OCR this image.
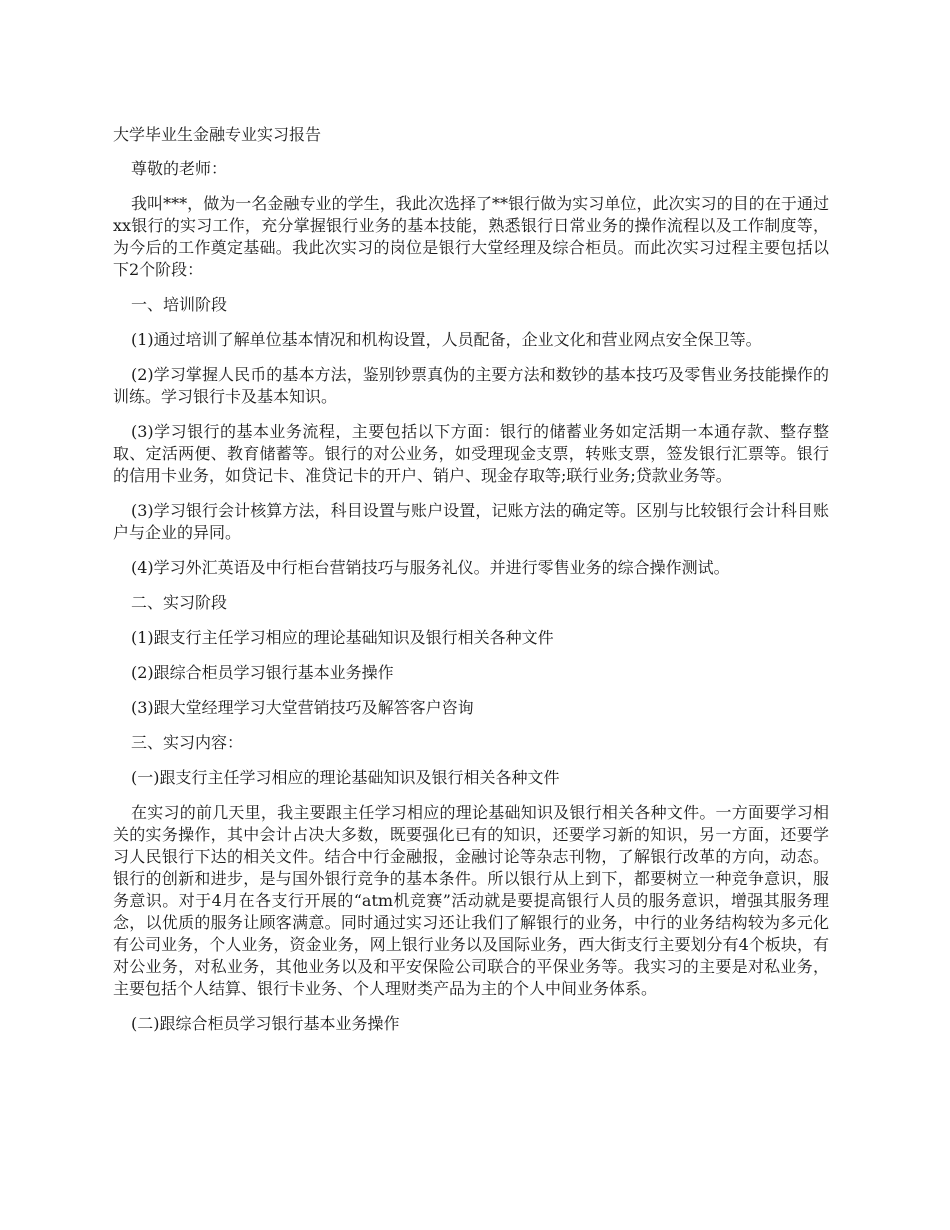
大学毕业生金融专业实习报告

尊敬的老师：

我叫***，做为一名金融专业的学生，我此次选择了**银行做为实习单位，此次实习的目的在于通过xx银行的实习工作，充分掌握银行业务的基本技能，熟悉银行日常业务的操作流程以及工作制度等，为今后的工作奠定基础。我此次实习的岗位是银行大堂经理及综合柜员。而此次实习过程主要包括以下2个阶段：

一、培训阶段

(1)通过培训了解单位基本情况和机构设置，人员配备，企业文化和营业网点安全保卫等。

(2)学习掌握人民币的基本方法，鉴别钞票真伪的主要方法和数钞的基本技巧及零售业务技能操作的训练。学习银行卡及基本知识。

(3)学习银行的基本业务流程，主要包括以下方面：银行的储蓄业务如定活期一本通存款、整存整取、定活两便、教育储蓄等。银行的对公业务，如受理现金支票，转账支票，签发银行汇票等。银行的信用卡业务，如贷记卡、准贷记卡的开户、销户、现金存取等;联行业务;贷款业务等。

(3)学习银行会计核算方法，科目设置与账户设置，记账方法的确定等。区别与比较银行会计科目账户与企业的异同。

(4)学习外汇英语及中行柜台营销技巧与服务礼仪。并进行零售业务的综合操作测试。

二、实习阶段

(1)跟支行主任学习相应的理论基础知识及银行相关各种文件

(2)跟综合柜员学习银行基本业务操作

(3)跟大堂经理学习大堂营销技巧及解答客户咨询

三、实习内容：

(一)跟支行主任学习相应的理论基础知识及银行相关各种文件

在实习的前几天里，我主要跟主任学习相应的理论基础知识及银行相关各种文件。一方面要学习相关的实务操作，其中会计占决大多数，既要强化已有的知识，还要学习新的知识，另一方面，还要学习人民银行下达的相关文件。结合中行金融报，金融讨论等杂志刊物，了解银行改革的方向，动态。银行的创新和进步，是与国外银行竞争的基本条件。所以银行从上到下，都要树立一种竞争意识，服务意识。对于4月在各支行开展的“atm机竞赛”活动就是要提高银行人员的服务意识，增强其服务理念，以优质的服务让顾客满意。同时通过实习还让我们了解银行的业务，中行的业务结构较为多元化有公司业务，个人业务，资金业务，网上银行业务以及国际业务，西大街支行主要划分有4个板块，有对公业务，对私业务，其他业务以及和平安保险公司联合的平保业务等。我实习的主要是对私业务，主要包括个人结算、银行卡业务、个人理财类产品为主的个人中间业务体系。

(二)跟综合柜员学习银行基本业务操作
